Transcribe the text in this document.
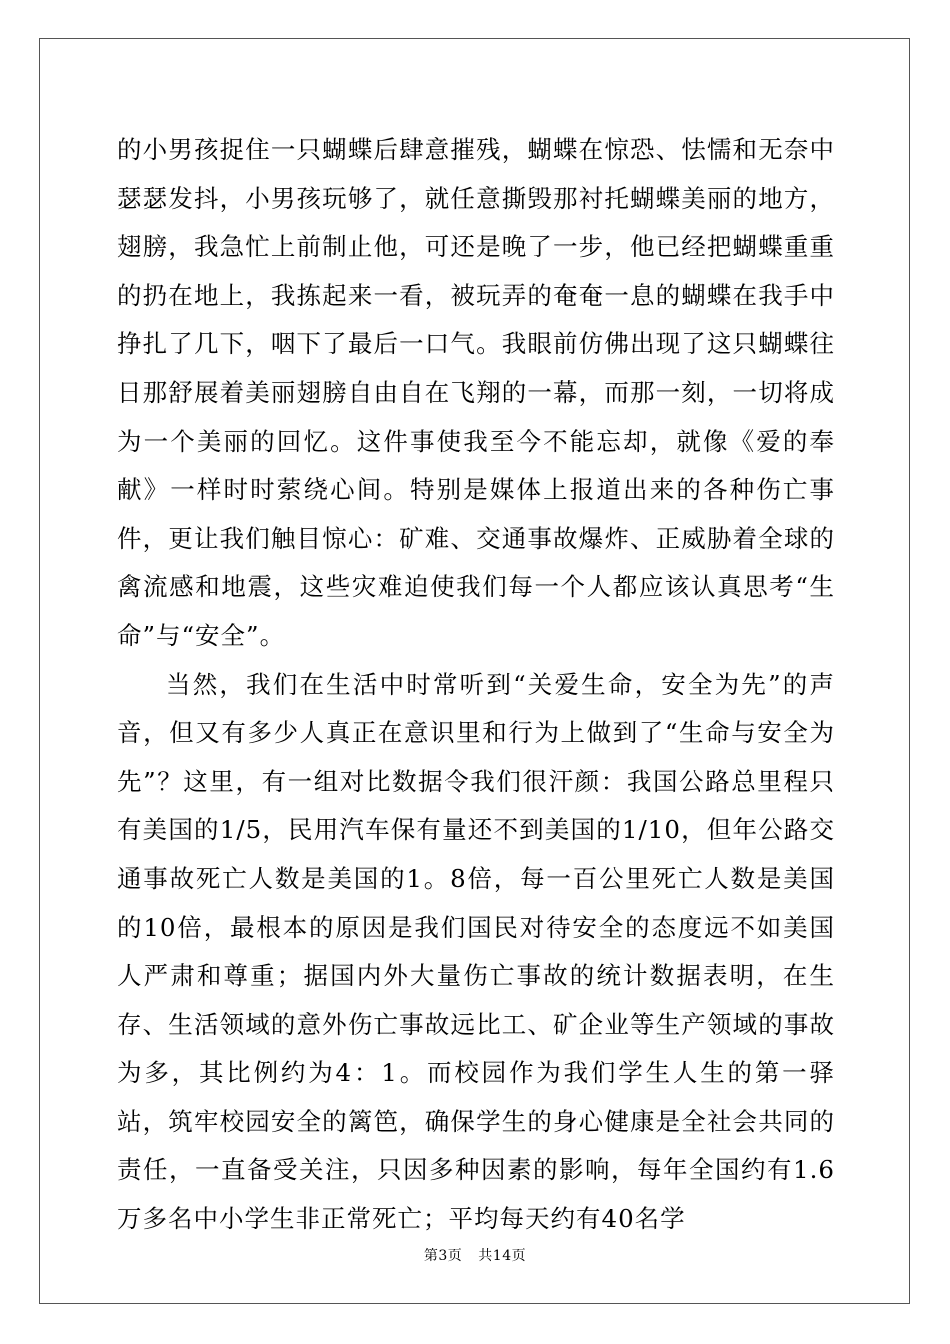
的小男孩捉住一只蝴蝶后肆意摧残，蝴蝶在惊恐、怯懦和无奈中瑟瑟发抖，小男孩玩够了，就任意撕毁那衬托蝴蝶美丽的地方，翅膀，我急忙上前制止他，可还是晚了一步，他已经把蝴蝶重重的扔在地上，我拣起来一看，被玩弄的奄奄一息的蝴蝶在我手中挣扎了几下，咽下了最后一口气。我眼前仿佛出现了这只蝴蝶往日那舒展着美丽翅膀自由自在飞翔的一幕，而那一刻，一切将成为一个美丽的回忆。这件事使我至今不能忘却，就像《爱的奉献》一样时时萦绕心间。特别是媒体上报道出来的各种伤亡事件，更让我们触目惊心：矿难、交通事故爆炸、正威胁着全球的禽流感和地震，这些灾难迫使我们每一个人都应该认真思考“生命”与“安全”。

当然，我们在生活中时常听到“关爱生命，安全为先”的声音，但又有多少人真正在意识里和行为上做到了“生命与安全为先”？这里，有一组对比数据令我们很汗颜：我国公路总里程只有美国的1/5，民用汽车保有量还不到美国的1/10，但年公路交通事故死亡人数是美国的1。8倍，每一百公里死亡人数是美国的10倍，最根本的原因是我们国民对待安全的态度远不如美国人严肃和尊重；据国内外大量伤亡事故的统计数据表明，在生存、生活领域的意外伤亡事故远比工、矿企业等生产领域的事故为多，其比例约为4：1。而校园作为我们学生人生的第一驿站，筑牢校园安全的篱笆，确保学生的身心健康是全社会共同的责任，一直备受关注，只因多种因素的影响，每年全国约有1.6万多名中小学生非正常死亡；平均每天约有40名学

第3页 共14页
